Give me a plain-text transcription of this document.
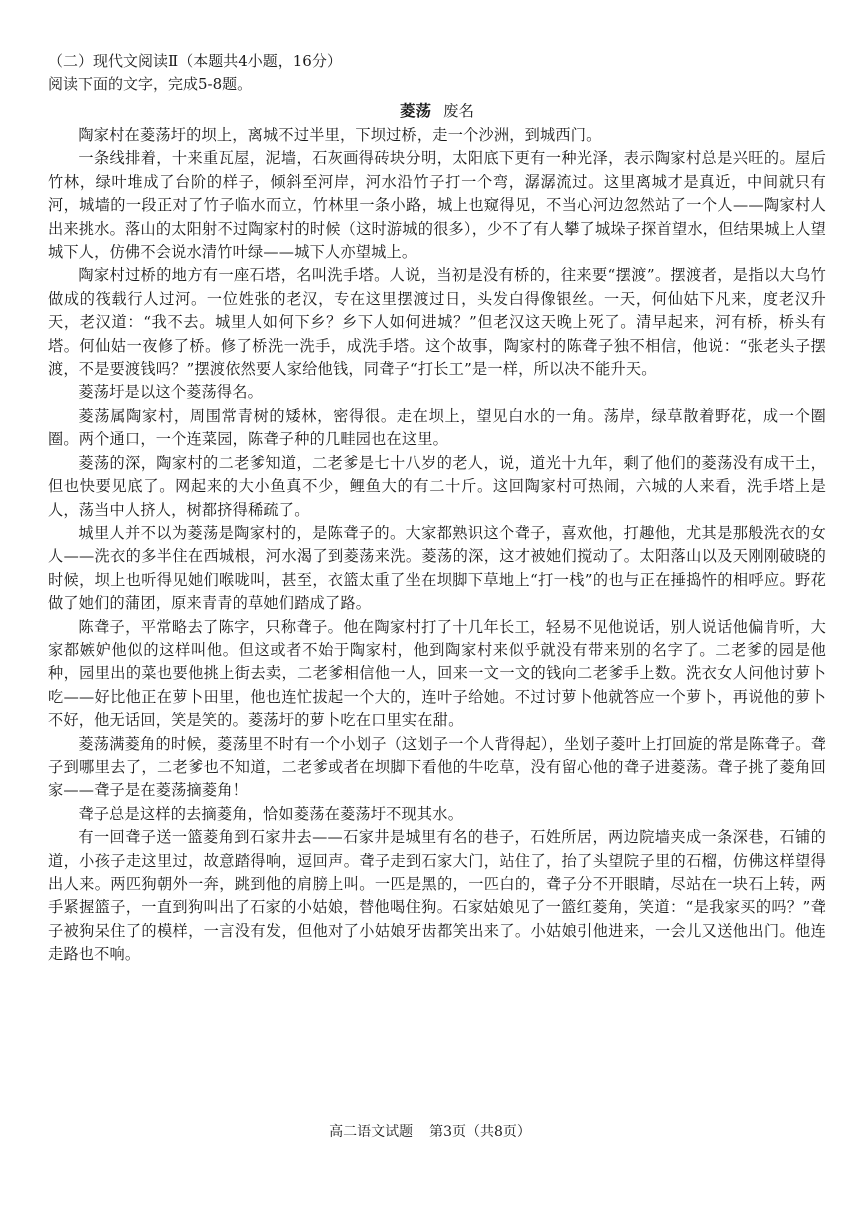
（二）现代文阅读Ⅱ（本题共4小题，16分）

阅读下面的文字，完成5-8题。

菱荡 废名

陶家村在菱荡圩的坝上，离城不过半里，下坝过桥，走一个沙洲，到城西门。

一条线排着，十来重瓦屋，泥墙，石灰画得砖块分明，太阳底下更有一种光泽，表示陶家村总是兴旺的。屋后竹林，绿叶堆成了台阶的样子，倾斜至河岸，河水沿竹子打一个弯，潺潺流过。这里离城才是真近，中间就只有河，城墙的一段正对了竹子临水而立，竹林里一条小路，城上也窥得见，不当心河边忽然站了一个人——陶家村人出来挑水。落山的太阳射不过陶家村的时候（这时游城的很多），少不了有人攀了城垛子探首望水，但结果城上人望城下人，仿佛不会说水清竹叶绿——城下人亦望城上。

陶家村过桥的地方有一座石塔，名叫洗手塔。人说，当初是没有桥的，往来要“摆渡”。摆渡者，是指以大乌竹做成的筏载行人过河。一位姓张的老汉，专在这里摆渡过日，头发白得像银丝。一天，何仙姑下凡来，度老汉升天，老汉道：“我不去。城里人如何下乡？乡下人如何进城？”但老汉这天晚上死了。清早起来，河有桥，桥头有塔。何仙姑一夜修了桥。修了桥洗一洗手，成洗手塔。这个故事，陶家村的陈聋子独不相信，他说：“张老头子摆渡，不是要渡钱吗？”摆渡依然要人家给他钱，同聋子“打长工”是一样，所以决不能升天。

菱荡圩是以这个菱荡得名。

菱荡属陶家村，周围常青树的矮林，密得很。走在坝上，望见白水的一角。荡岸，绿草散着野花，成一个圈圈。两个通口，一个连菜园，陈聋子种的几畦园也在这里。

菱荡的深，陶家村的二老爹知道，二老爹是七十八岁的老人，说，道光十九年，剩了他们的菱荡没有成干土，但也快要见底了。网起来的大小鱼真不少，鲤鱼大的有二十斤。这回陶家村可热闹，六城的人来看，洗手塔上是人，荡当中人挤人，树都挤得稀疏了。

城里人并不以为菱荡是陶家村的，是陈聋子的。大家都熟识这个聋子，喜欢他，打趣他，尤其是那般洗衣的女人——洗衣的多半住在西城根，河水渴了到菱荡来洗。菱荡的深，这才被她们搅动了。太阳落山以及天刚刚破晓的时候，坝上也听得见她们喉咙叫，甚至，衣篮太重了坐在坝脚下草地上“打一栈”的也与正在捶捣忤的相呼应。野花做了她们的蒲团，原来青青的草她们踏成了路。

陈聋子，平常略去了陈字，只称聋子。他在陶家村打了十几年长工，轻易不见他说话，别人说话他偏肯听，大家都嫉妒他似的这样叫他。但这或者不始于陶家村，他到陶家村来似乎就没有带来别的名字了。二老爹的园是他种，园里出的菜也要他挑上街去卖，二老爹相信他一人，回来一文一文的钱向二老爹手上数。洗衣女人问他讨萝卜吃——好比他正在萝卜田里，他也连忙拔起一个大的，连叶子给她。不过讨萝卜他就答应一个萝卜，再说他的萝卜不好，他无话回，笑是笑的。菱荡圩的萝卜吃在口里实在甜。

菱荡满菱角的时候，菱荡里不时有一个小划子（这划子一个人背得起），坐划子菱叶上打回旋的常是陈聋子。聋子到哪里去了，二老爹也不知道，二老爹或者在坝脚下看他的牛吃草，没有留心他的聋子进菱荡。聋子挑了菱角回家——聋子是在菱荡摘菱角！

聋子总是这样的去摘菱角，恰如菱荡在菱荡圩不现其水。

有一回聋子送一篮菱角到石家井去——石家井是城里有名的巷子，石姓所居，两边院墙夹成一条深巷，石铺的道，小孩子走这里过，故意踏得响，逗回声。聋子走到石家大门，站住了，抬了头望院子里的石榴，仿佛这样望得出人来。两匹狗朝外一奔，跳到他的肩膀上叫。一匹是黑的，一匹白的，聋子分不开眼睛，尽站在一块石上转，两手紧握篮子，一直到狗叫出了石家的小姑娘，替他喝住狗。石家姑娘见了一篮红菱角，笑道：“是我家买的吗？”聋子被狗呆住了的模样，一言没有发，但他对了小姑娘牙齿都笑出来了。小姑娘引他进来，一会儿又送他出门。他连走路也不响。

高二语文试题 第3页（共8页）
